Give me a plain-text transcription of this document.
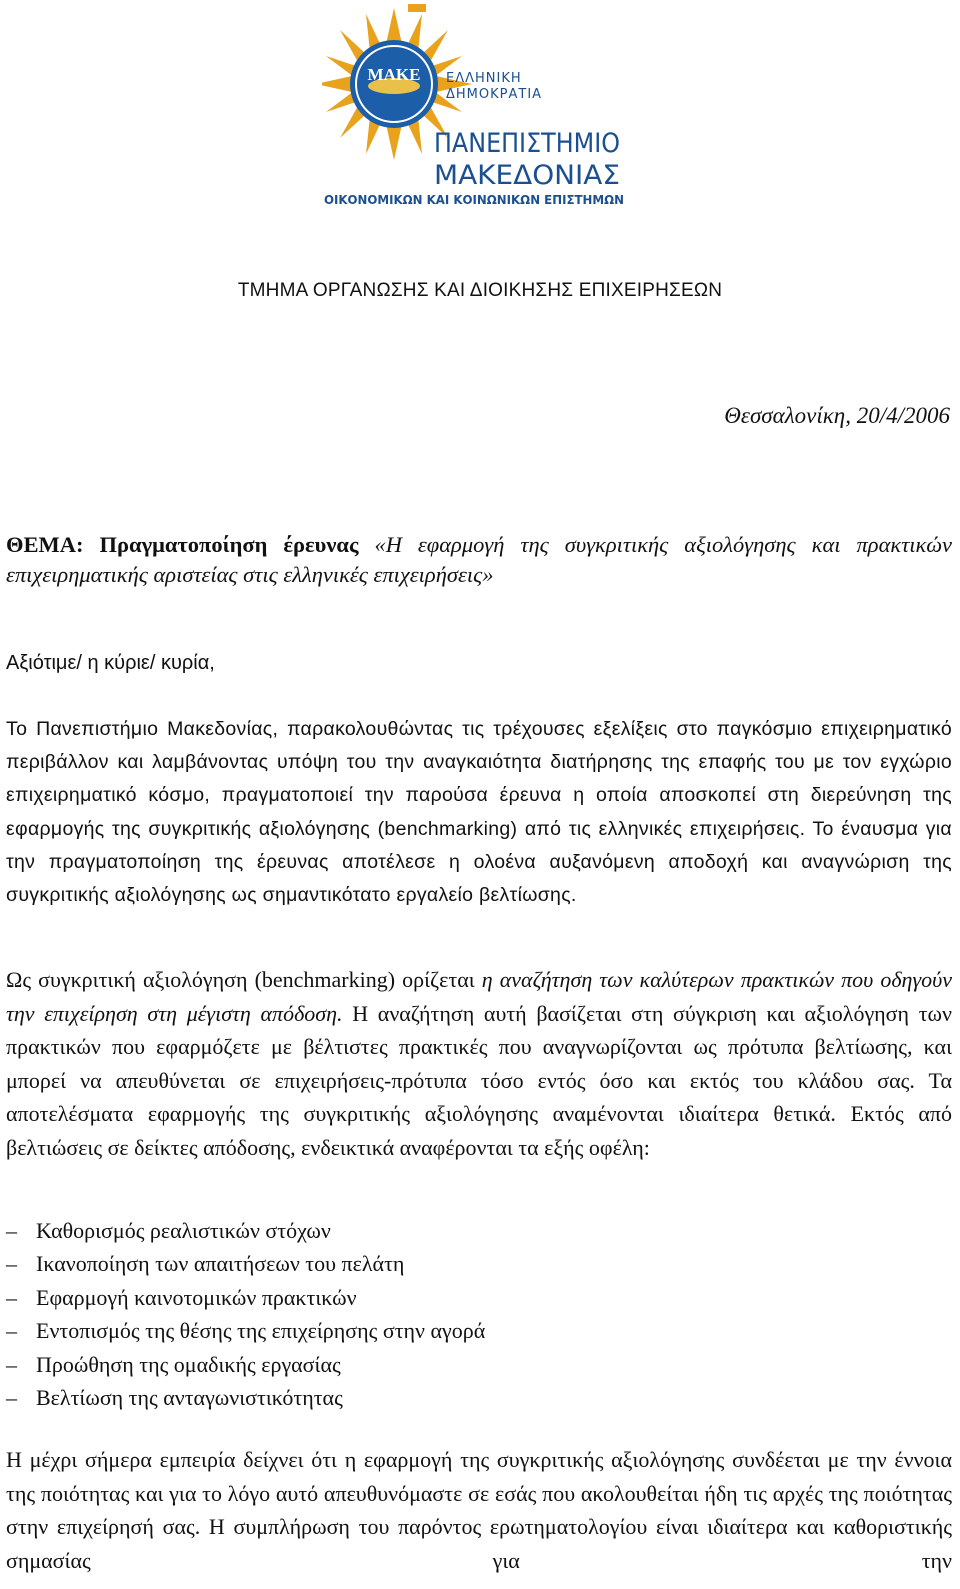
ΜΑΚΕ ΕΛΛΗΝΙΚΗ
ΔΗΜΟΚΡΑΤΙΑ
ΠΑΝΕΠΙΣΤΗΜΙΟ
ΜΑΚΕΔΟΝΙΑΣ
ΟΙΚΟΝΟΜΙΚΩΝ ΚΑΙ ΚΟΙΝΩΝΙΚΩΝ ΕΠΙΣΤΗΜΩΝ
ΤΜΗΜΑ ΟΡΓΑΝΩΣΗΣ ΚΑΙ ΔΙΟΙΚΗΣΗΣ ΕΠΙΧΕΙΡΗΣΕΩΝ
Θεσσαλονίκη, 20/4/2006
ΘΕΜΑ: Πραγματοποίηση έρευνας «Η εφαρμογή της συγκριτικής αξιολόγησης και πρακτικών επιχειρηματικής αριστείας στις ελληνικές επιχειρήσεις»
Αξιότιμε/ η κύριε/ κυρία,
Το Πανεπιστήμιο Μακεδονίας, παρακολουθώντας τις τρέχουσες εξελίξεις στο παγκόσμιο επιχειρηματικό περιβάλλον και λαμβάνοντας υπόψη του την αναγκαιότητα διατήρησης της επαφής του με τον εγχώριο επιχειρηματικό κόσμο, πραγματοποιεί την παρούσα έρευνα η οποία αποσκοπεί στη διερεύνηση της εφαρμογής της συγκριτικής αξιολόγησης (benchmarking) από τις ελληνικές επιχειρήσεις. Το έναυσμα για την πραγματοποίηση της έρευνας αποτέλεσε η ολοένα αυξανόμενη αποδοχή και αναγνώριση της συγκριτικής αξιολόγησης ως σημαντικότατο εργαλείο βελτίωσης.
Ως συγκριτική αξιολόγηση (benchmarking) ορίζεται η αναζήτηση των καλύτερων πρακτικών που οδηγούν την επιχείρηση στη μέγιστη απόδοση. Η αναζήτηση αυτή βασίζεται στη σύγκριση και αξιολόγηση των πρακτικών που εφαρμόζετε με βέλτιστες πρακτικές που αναγνωρίζονται ως πρότυπα βελτίωσης, και μπορεί να απευθύνεται σε επιχειρήσεις-πρότυπα τόσο εντός όσο και εκτός του κλάδου σας. Τα αποτελέσματα εφαρμογής της συγκριτικής αξιολόγησης αναμένονται ιδιαίτερα θετικά. Εκτός από βελτιώσεις σε δείκτες απόδοσης, ενδεικτικά αναφέρονται τα εξής οφέλη:
– Καθορισμός ρεαλιστικών στόχων
– Ικανοποίηση των απαιτήσεων του πελάτη
– Εφαρμογή καινοτομικών πρακτικών
– Εντοπισμός της θέσης της επιχείρησης στην αγορά
– Προώθηση της ομαδικής εργασίας
– Βελτίωση της ανταγωνιστικότητας
Η μέχρι σήμερα εμπειρία δείχνει ότι η εφαρμογή της συγκριτικής αξιολόγησης συνδέεται με την έννοια της ποιότητας και για το λόγο αυτό απευθυνόμαστε σε εσάς που ακολουθείται ήδη τις αρχές της ποιότητας στην επιχείρησή σας. Η συμπλήρωση του παρόντος ερωτηματολογίου είναι ιδιαίτερα και καθοριστικής σημασίας για την
